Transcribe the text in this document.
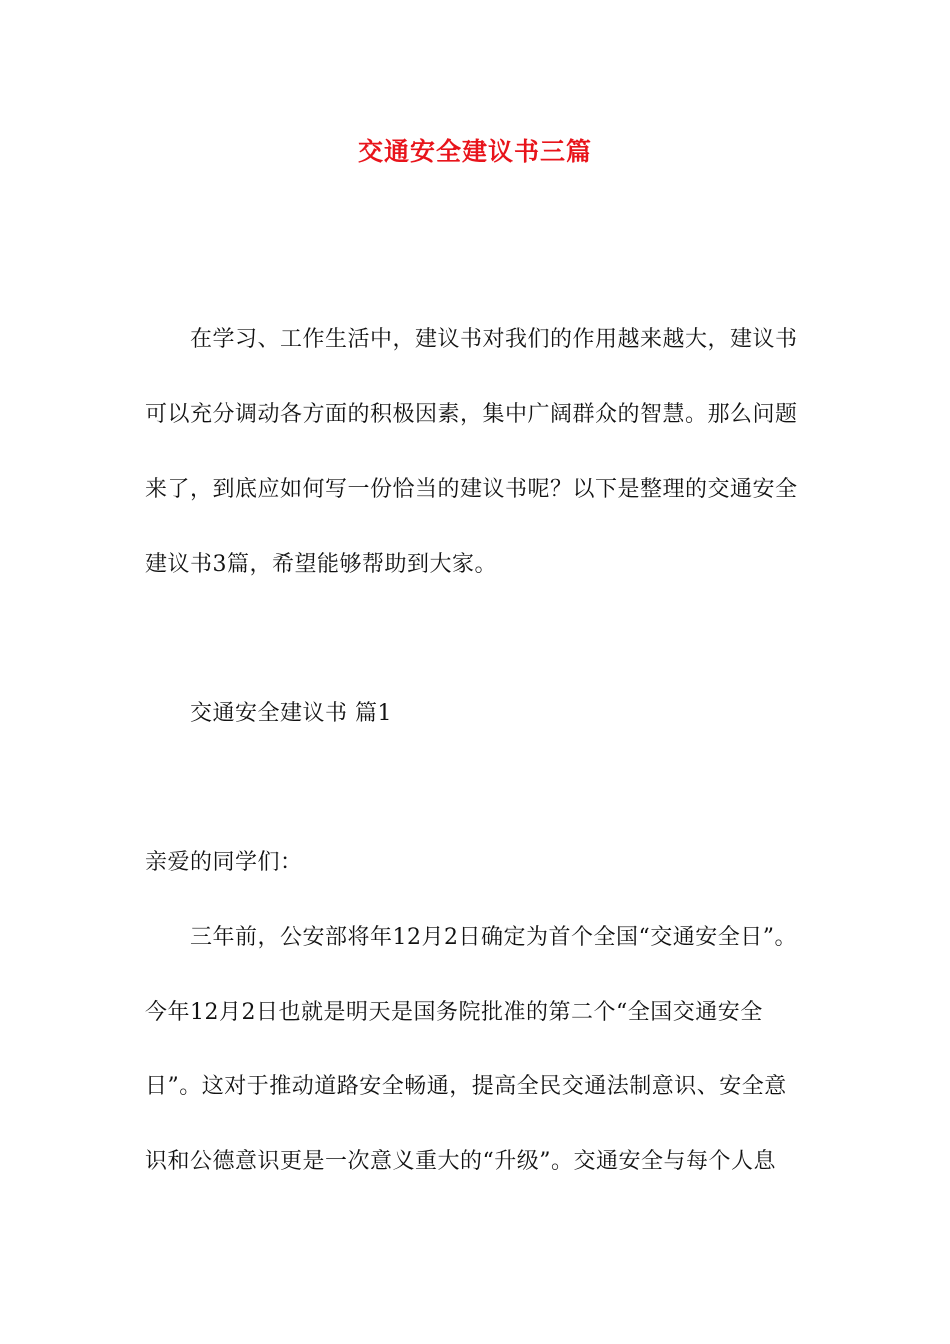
交通安全建议书三篇
在学习、工作生活中，建议书对我们的作用越来越大，建议书
可以充分调动各方面的积极因素，集中广阔群众的智慧。那么问题
来了，到底应如何写一份恰当的建议书呢？以下是整理的交通安全
建议书3篇，希望能够帮助到大家。
交通安全建议书 篇1
亲爱的同学们：
三年前，公安部将年12月2日确定为首个全国“交通安全日”。
今年12月2日也就是明天是国务院批准的第二个“全国交通安全
日”。这对于推动道路安全畅通，提高全民交通法制意识、安全意
识和公德意识更是一次意义重大的“升级”。交通安全与每个人息
